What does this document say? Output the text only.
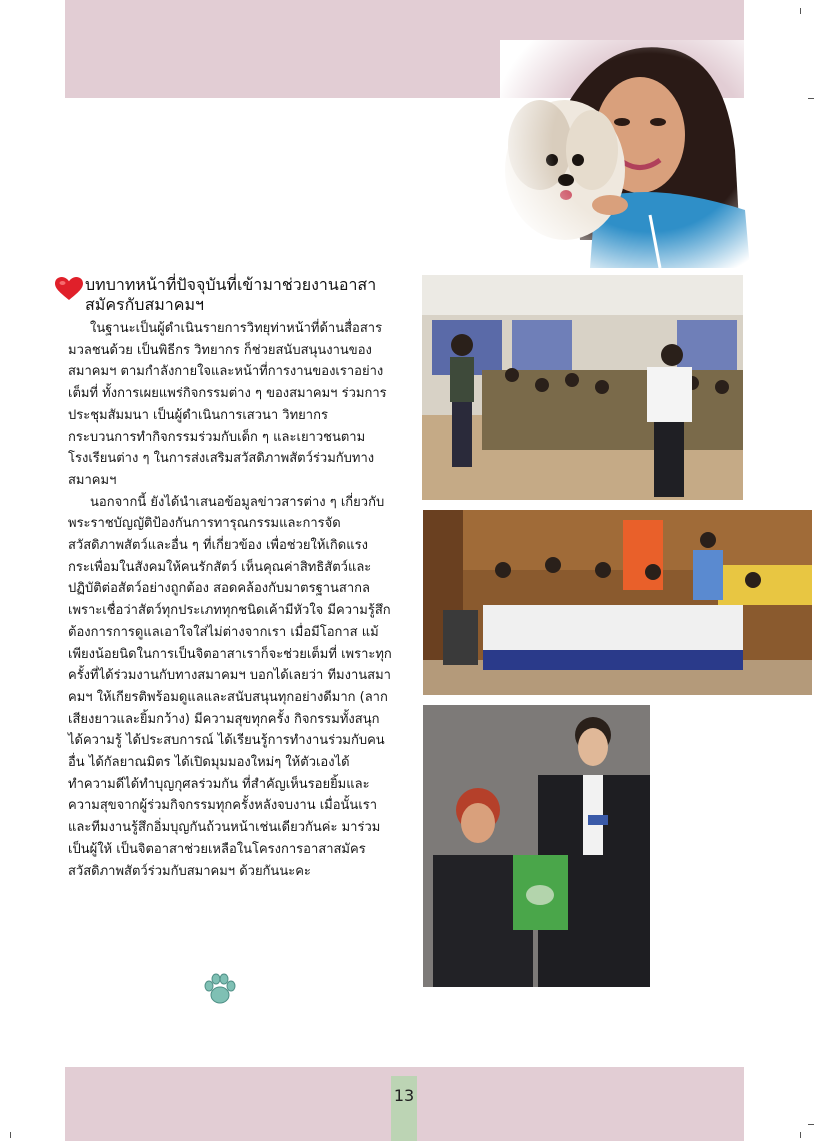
บทบาทหน้าที่ปัจจุบันที่เข้ามาช่วยงานอาสาสมัครกับสมาคมฯ

ในฐานะเป็นผู้ดำเนินรายการวิทยุท่าหน้าที่ด้านสื่อสารมวลชนด้วย เป็นพิธีกร วิทยากร ก็ช่วยสนับสนุนงานของสมาคมฯ ตามกำลังกายใจและหน้าที่การงานของเราอย่างเต็มที่ ทั้งการเผยแพร่กิจกรรมต่าง ๆ ของสมาคมฯ ร่วมการประชุมสัมมนา เป็นผู้ดำเนินการเสวนา วิทยากรกระบวนการทำกิจกรรมร่วมกับเด็ก ๆ และเยาวชนตามโรงเรียนต่าง ๆ ในการส่งเสริมสวัสดิภาพสัตว์ร่วมกับทางสมาคมฯ

นอกจากนี้ ยังได้นำเสนอข้อมูลข่าวสารต่าง ๆ เกี่ยวกับพระราชบัญญัติป้องกันการทารุณกรรมและการจัดสวัสดิภาพสัตว์และอื่น ๆ ที่เกี่ยวข้อง เพื่อช่วยให้เกิดแรงกระเพื่อมในสังคมให้คนรักสัตว์ เห็นคุณค่าสิทธิสัตว์และปฏิบัติต่อสัตว์อย่างถูกต้อง สอดคล้องกับมาตรฐานสากล เพราะเชื่อว่าสัตว์ทุกประเภททุกชนิดเค้ามีหัวใจ มีความรู้สึก ต้องการการดูแลเอาใจใส่ไม่ต่างจากเรา เมื่อมีโอกาส แม้เพียงน้อยนิดในการเป็นจิตอาสาเราก็จะช่วยเต็มที่ เพราะทุกครั้งที่ได้ร่วมงานกับทางสมาคมฯ บอกได้เลยว่า ทีมงานสมาคมฯ ให้เกียรติพร้อมดูแลและสนับสนุนทุกอย่างดีมาก (ลากเสียงยาวและยิ้มกว้าง) มีความสุขทุกครั้ง กิจกรรมทั้งสนุกได้ความรู้ ได้ประสบการณ์ ได้เรียนรู้การทำงานร่วมกับคนอื่น ได้กัลยาณมิตร ได้เปิดมุมมองใหม่ๆ ให้ตัวเองได้ทำความดีได้ทำบุญกุศลร่วมกัน ที่สำคัญเห็นรอยยิ้มและความสุขจากผู้ร่วมกิจกรรมทุกครั้งหลังจบงาน เมื่อนั้นเราและทีมงานรู้สึกอิ่มบุญกันถ้วนหน้าเช่นเดียวกันค่ะ มาร่วมเป็นผู้ให้ เป็นจิตอาสาช่วยเหลือในโครงการอาสาสมัครสวัสดิภาพสัตว์ร่วมกับสมาคมฯ ด้วยกันนะคะ

13
